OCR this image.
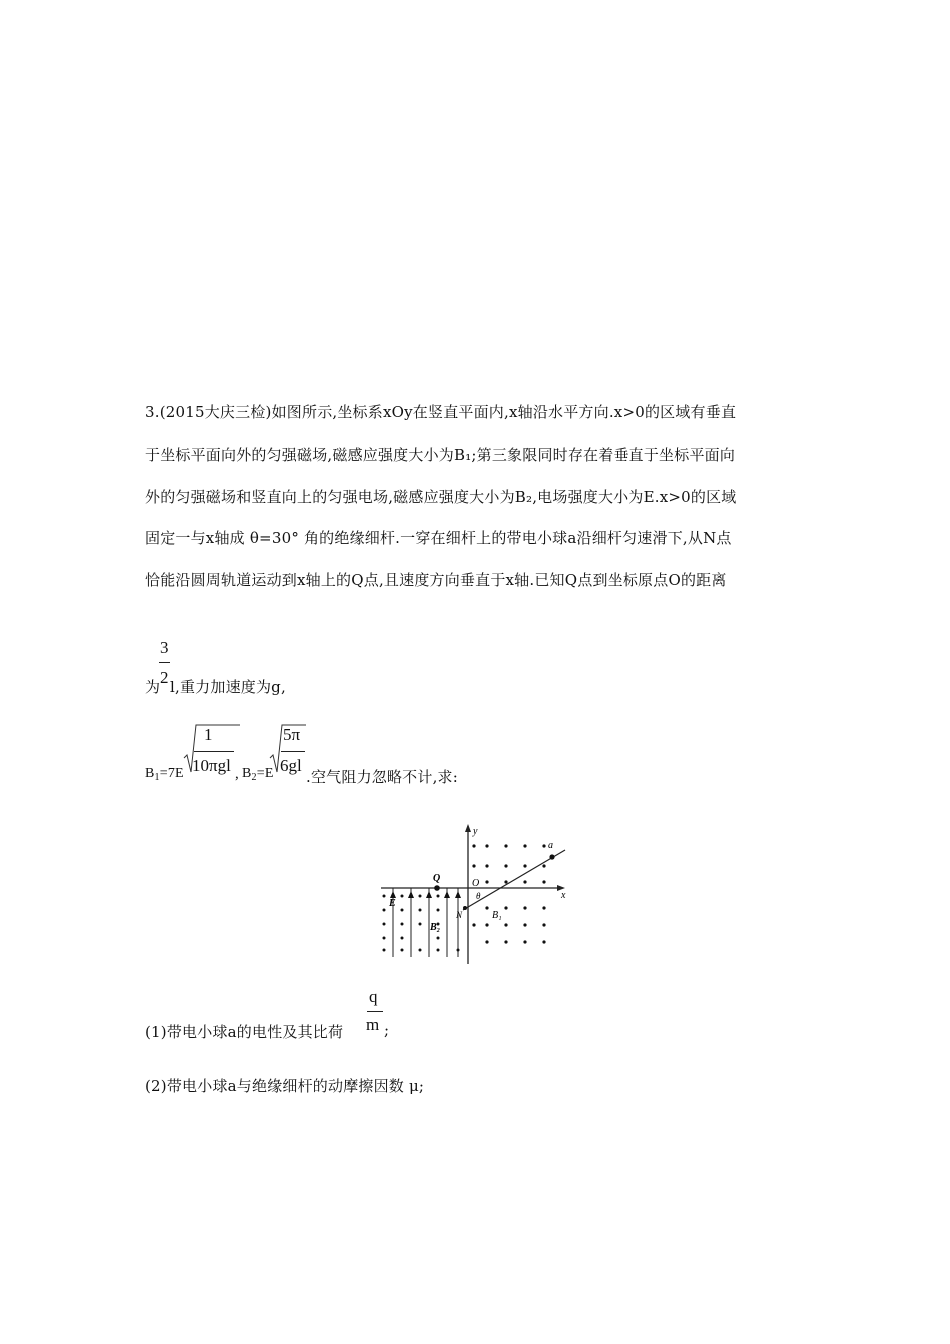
3.(2015大庆三检)如图所示,坐标系xOy在竖直平面内,x轴沿水平方向.x>0的区域有垂直
于坐标平面向外的匀强磁场,磁感应强度大小为B₁;第三象限同时存在着垂直于坐标平面向
外的匀强磁场和竖直向上的匀强电场,磁感应强度大小为B₂,电场强度大小为E.x>0的区域
固定一与x轴成 θ=30° 角的绝缘细杆.一穿在细杆上的带电小球a沿细杆匀速滑下,从N点
恰能沿圆周轨道运动到x轴上的Q点,且速度方向垂直于x轴.已知Q点到坐标原点O的距离
为
3
2 l,重力加速度为g,
$B_1=7E$
1
10πgl , $B_2=E$
5π
6gl
.空气阻力忽略不计,求:
y
x
a
O
θ
B₁
Q
N
E
B₂
(1)带电小球a的电性及其比荷
q
m ;
(2)带电小球a与绝缘细杆的动摩擦因数 μ;
